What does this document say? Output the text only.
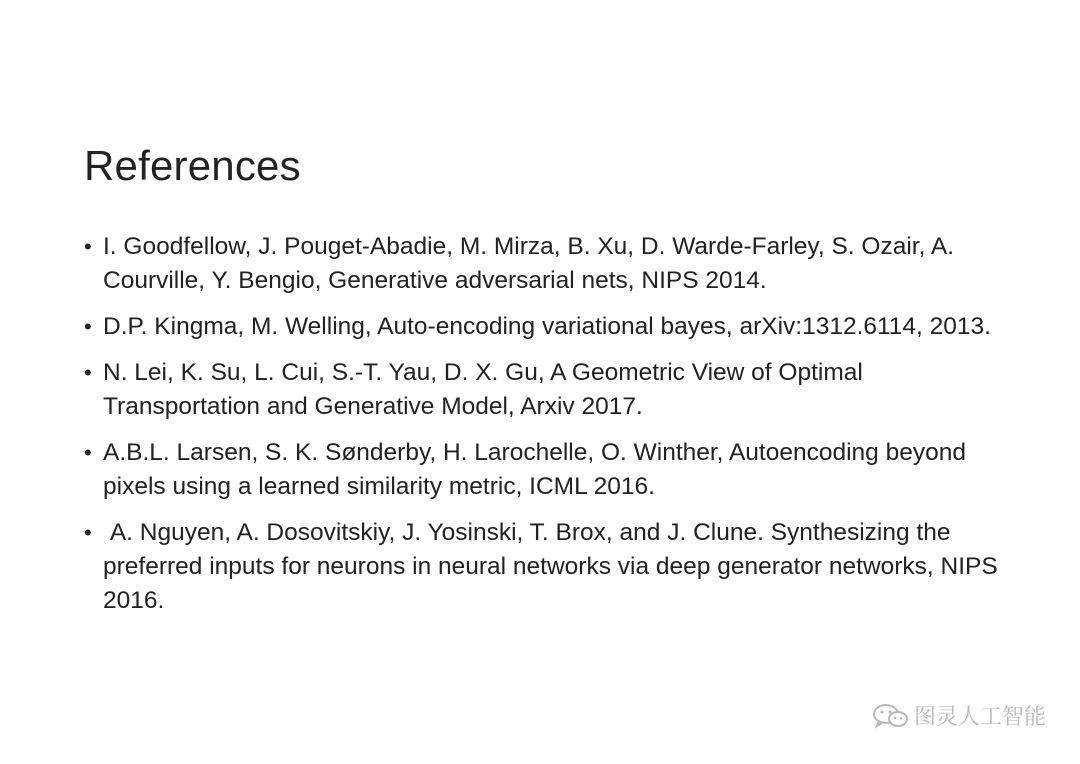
References
• I. Goodfellow, J. Pouget-Abadie, M. Mirza, B. Xu, D. Warde-Farley, S. Ozair, A. Courville, Y. Bengio, Generative adversarial nets, NIPS 2014.
• D.P. Kingma, M. Welling, Auto-encoding variational bayes, arXiv:1312.6114, 2013.
• N. Lei, K. Su, L. Cui, S.-T. Yau, D. X. Gu, A Geometric View of Optimal Transportation and Generative Model, Arxiv 2017.
• A.B.L. Larsen, S. K. Sønderby, H. Larochelle, O. Winther, Autoencoding beyond pixels using a learned similarity metric, ICML 2016.
• A. Nguyen, A. Dosovitskiy, J. Yosinski, T. Brox, and J. Clune. Synthesizing the preferred inputs for neurons in neural networks via deep generator networks, NIPS 2016.
图灵人工智能
